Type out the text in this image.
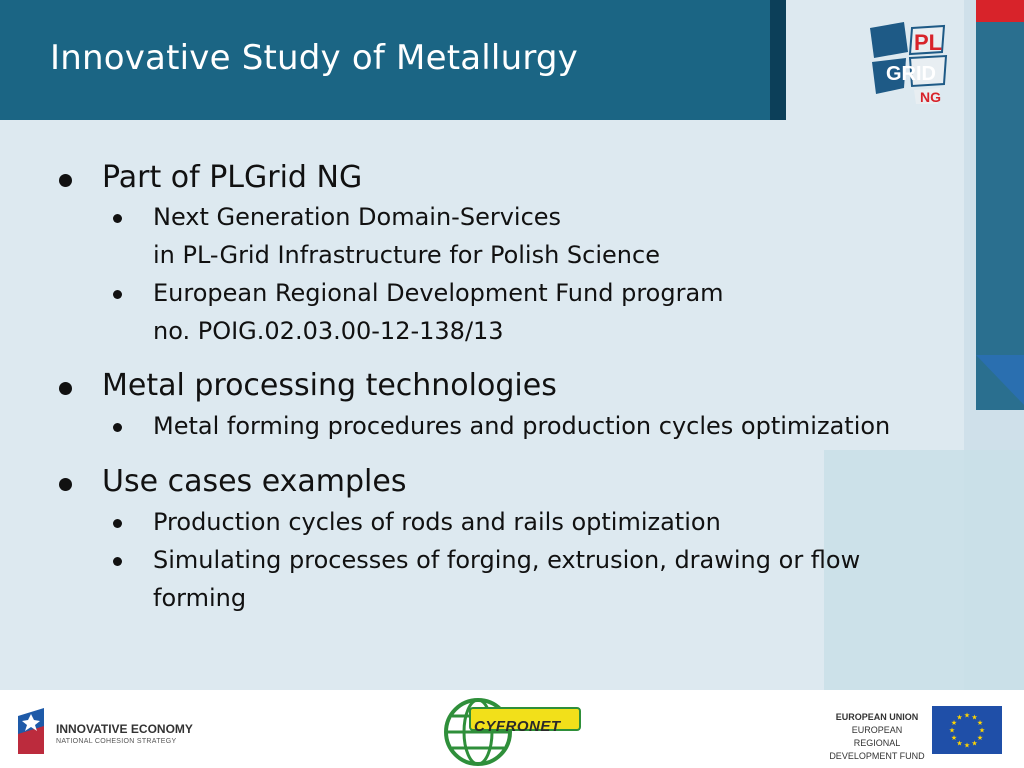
Innovative Study of Metallurgy	PL
GRID
NG
Part of PLGrid NG
Next Generation Domain-Services
in PL-Grid Infrastructure for Polish Science
European Regional Development Fund program
no. POIG.02.03.00-12-138/13
Metal processing technologies
Metal forming procedures and production cycles optimization
Use cases examples
Production cycles of rods and rails optimization
Simulating processes of forging, extrusion, drawing or flow
forming
INNOVATIVE ECONOMY
NATIONAL COHESION STRATEGY
CYFRONET
EUROPEAN UNION
EUROPEAN REGIONAL
DEVELOPMENT FUND
★
★
★
★
★
★
★
★
★ ★ ★
★
